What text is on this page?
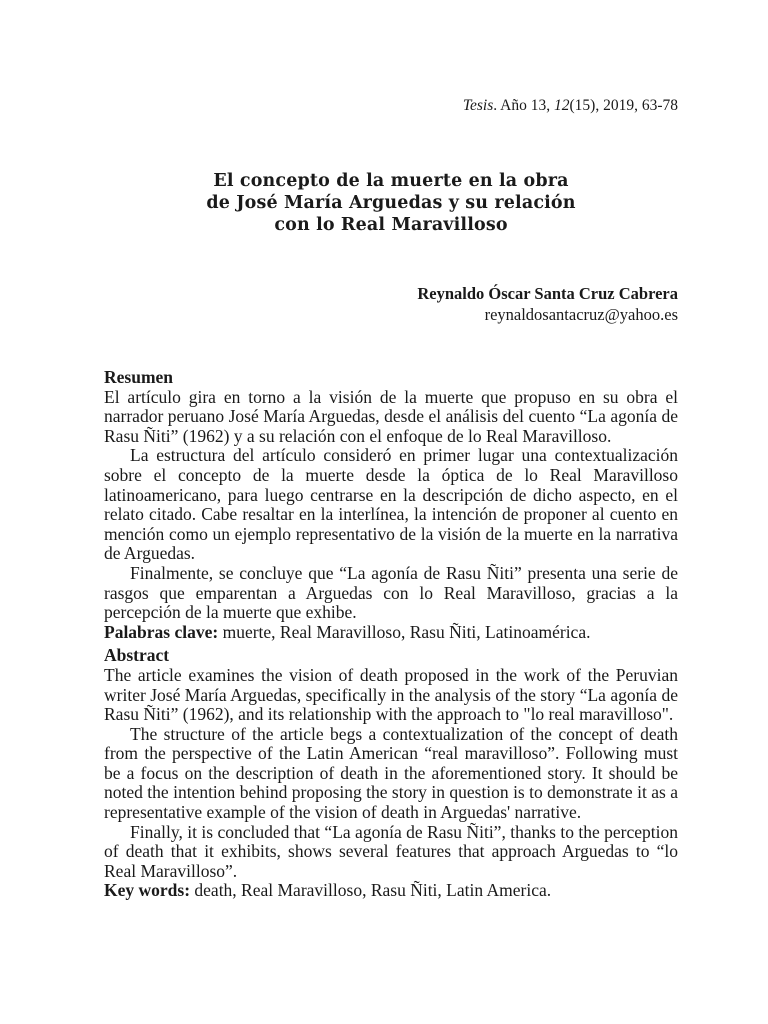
Tesis. Año 13, 12(15), 2019, 63-78
El concepto de la muerte en la obra
de José María Arguedas y su relación
con lo Real Maravilloso
Reynaldo Óscar Santa Cruz Cabrera
reynaldosantacruz@yahoo.es

Resumen

El artículo gira en torno a la visión de la muerte que propuso en su obra el narrador peruano José María Arguedas, desde el análisis del cuento “La agonía de Rasu Ñiti” (1962) y a su relación con el enfoque de lo Real Maravilloso.

La estructura del artículo consideró en primer lugar una contextualización sobre el concepto de la muerte desde la óptica de lo Real Maravilloso latinoamericano, para luego centrarse en la descripción de dicho aspecto, en el relato citado. Cabe resaltar en la interlínea, la intención de proponer al cuento en mención como un ejemplo representativo de la visión de la muerte en la narrativa de Arguedas.

Finalmente, se concluye que “La agonía de Rasu Ñiti” presenta una serie de rasgos que emparentan a Arguedas con lo Real Maravilloso, gracias a la percepción de la muerte que exhibe.

Palabras clave: muerte, Real Maravilloso, Rasu Ñiti, Latinoamérica.

Abstract

The article examines the vision of death proposed in the work of the Peruvian writer José María Arguedas, specifically in the analysis of the story “La agonía de Rasu Ñiti” (1962), and its relationship with the approach to "lo real maravilloso".

The structure of the article begs a contextualization of the concept of death from the perspective of the Latin American “real maravilloso”. Following must be a focus on the description of death in the aforementioned story. It should be noted the intention behind proposing the story in question is to demonstrate it as a representative example of the vision of death in Arguedas' narrative.

Finally, it is concluded that “La agonía de Rasu Ñiti”, thanks to the perception of death that it exhibits, shows several features that approach Arguedas to “lo Real Maravilloso”.

Key words: death, Real Maravilloso, Rasu Ñiti, Latin America.
